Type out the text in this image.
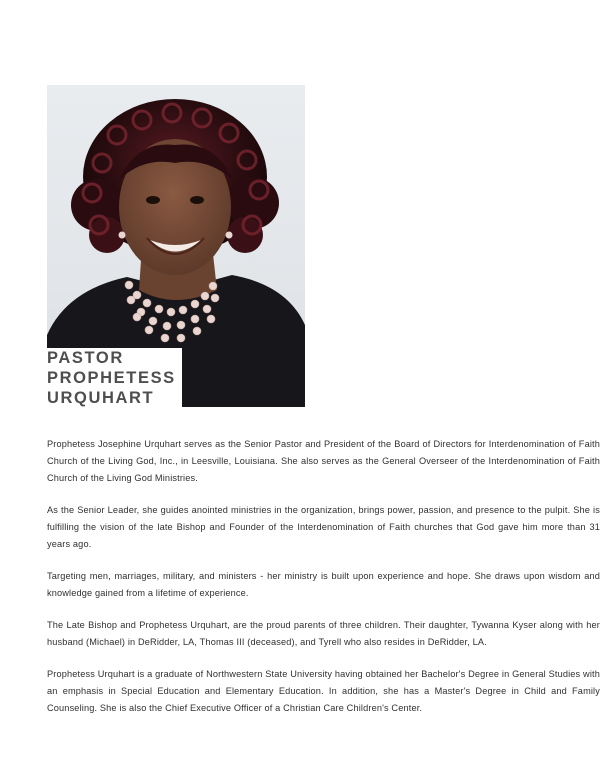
PASTOR
PROPHETESS
URQUHART

Prophetess Josephine Urquhart serves as the Senior Pastor and President of the Board of Directors for Interdenomination of Faith Church of the Living God, Inc., in Leesville, Louisiana. She also serves as the General Overseer of the Interdenomination of Faith Church of the Living God Ministries.

As the Senior Leader, she guides anointed ministries in the organization, brings power, passion, and presence to the pulpit. She is fulfilling the vision of the late Bishop and Founder of the Interdenomination of Faith churches that God gave him more than 31 years ago.

Targeting men, marriages, military, and ministers - her ministry is built upon experience and hope. She draws upon wisdom and knowledge gained from a lifetime of experience.

The Late Bishop and Prophetess Urquhart, are the proud parents of three children. Their daughter, Tywanna Kyser along with her husband (Michael) in DeRidder, LA, Thomas III (deceased), and Tyrell who also resides in DeRidder, LA.

Prophetess Urquhart is a graduate of Northwestern State University having obtained her Bachelor's Degree in General Studies with an emphasis in Special Education and Elementary Education. In addition, she has a Master's Degree in Child and Family Counseling. She is also the Chief Executive Officer of a Christian Care Children's Center.
